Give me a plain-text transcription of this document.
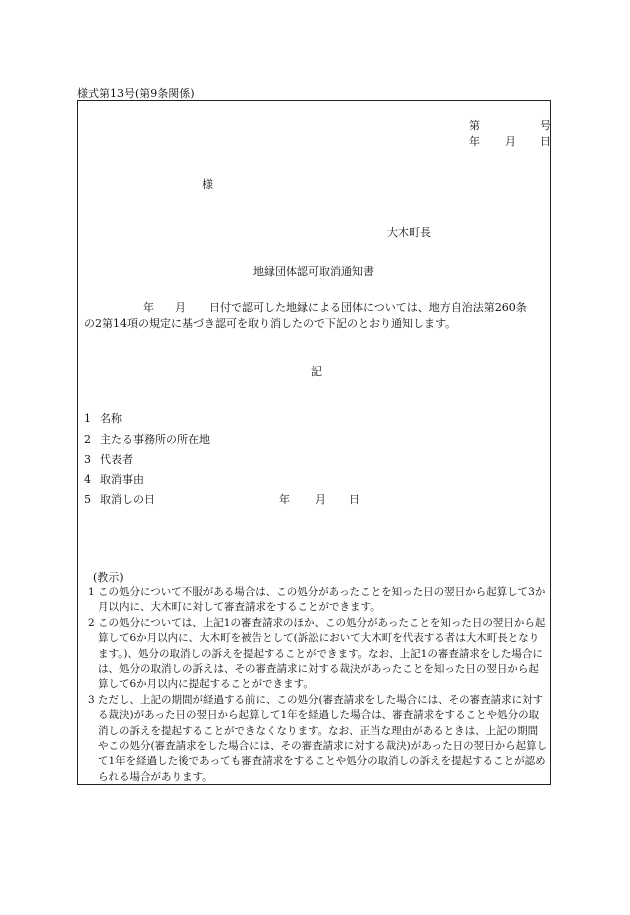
様式第13号(第9条関係)
第	号
年 月 日
様
大木町長
地縁団体認可取消通知書
年 月 日付で認可した地縁による団体については、地方自治法第260条
の2第14項の規定に基づき認可を取り消したので下記のとおり通知します。
記
1 名称
2 主たる事務所の所在地
3 代表者
4 取消事由
5 取消しの日	年 月 日
(教示)

1 この処分について不服がある場合は、この処分があったことを知った日の翌日から起算して3か月以内に、大木町に対して審査請求をすることができます。

2 この処分については、上記1の審査請求のほか、この処分があったことを知った日の翌日から起算して6か月以内に、大木町を被告として(訴訟において大木町を代表する者は大木町長となります。)、処分の取消しの訴えを提起することができます。なお、上記1の審査請求をした場合には、処分の取消しの訴えは、その審査請求に対する裁決があったことを知った日の翌日から起算して6か月以内に提起することができます。

3 ただし、上記の期間が経過する前に、この処分(審査請求をした場合には、その審査請求に対する裁決)があった日の翌日から起算して1年を経過した場合は、審査請求をすることや処分の取消しの訴えを提起することができなくなります。なお、正当な理由があるときは、上記の期間やこの処分(審査請求をした場合には、その審査請求に対する裁決)があった日の翌日から起算して1年を経過した後であっても審査請求をすることや処分の取消しの訴えを提起することが認められる場合があります。
